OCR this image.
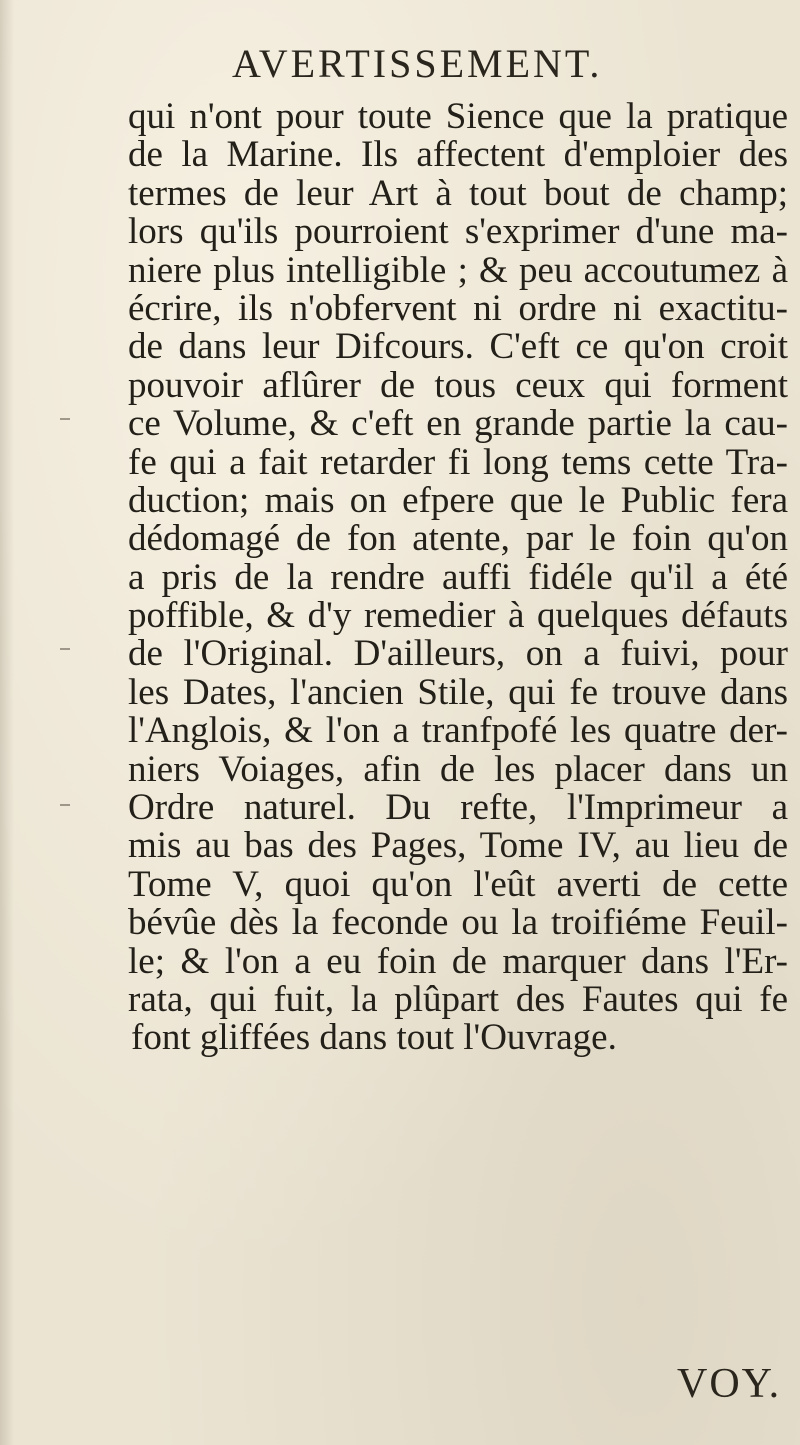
AVERTISSEMENT.
qui n'ont pour toute Sience que la pratique
de la Marine. Ils affectent d'emploier des
termes de leur Art à tout bout de champ;
lors qu'ils pourroient s'exprimer d'une ma-
niere plus intelligible ; & peu accoutumez à
écrire, ils n'obfervent ni ordre ni exactitu-
de dans leur Difcours. C'eft ce qu'on croit
pouvoir aflûrer de tous ceux qui forment
ce Volume, & c'eft en grande partie la cau-
fe qui a fait retarder fi long tems cette Tra-
duction; mais on efpere que le Public fera
dédomagé de fon atente, par le foin qu'on
a pris de la rendre auffi fidéle qu'il a été
poffible, & d'y remedier à quelques défauts
de l'Original. D'ailleurs, on a fuivi, pour
les Dates, l'ancien Stile, qui fe trouve dans
l'Anglois, & l'on a tranfpofé les quatre der-
niers Voiages, afin de les placer dans un
Ordre naturel. Du refte, l'Imprimeur a
mis au bas des Pages, Tome IV, au lieu de
Tome V, quoi qu'on l'eût averti de cette
bévûe dès la feconde ou la troifiéme Feuil-
le; & l'on a eu foin de marquer dans l'Er-
rata, qui fuit, la plûpart des Fautes qui fe
font gliffées dans tout l'Ouvrage.
VOY.
